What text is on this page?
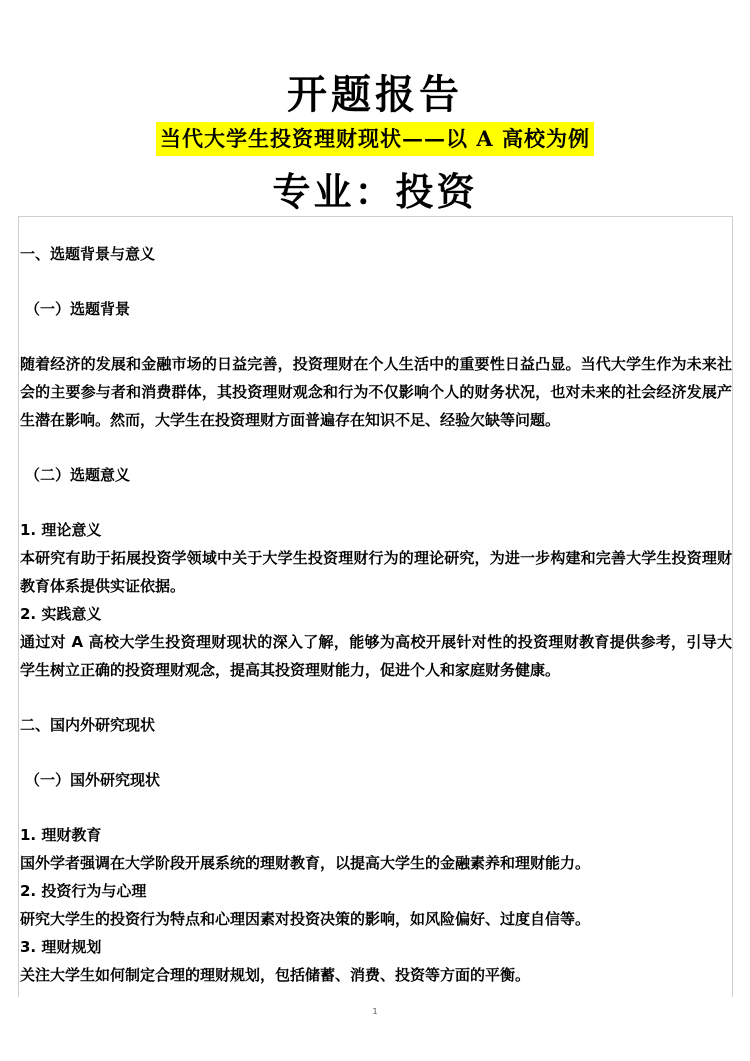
开题报告
当代大学生投资理财现状——以 A 高校为例
专业：投资

一、选题背景与意义

（一）选题背景

随着经济的发展和金融市场的日益完善，投资理财在个人生活中的重要性日益凸显。当代大学生作为未来社会的主要参与者和消费群体，其投资理财观念和行为不仅影响个人的财务状况，也对未来的社会经济发展产生潜在影响。然而，大学生在投资理财方面普遍存在知识不足、经验欠缺等问题。

（二）选题意义

1. 理论意义

本研究有助于拓展投资学领域中关于大学生投资理财行为的理论研究，为进一步构建和完善大学生投资理财教育体系提供实证依据。

2. 实践意义

通过对 A 高校大学生投资理财现状的深入了解，能够为高校开展针对性的投资理财教育提供参考，引导大学生树立正确的投资理财观念，提高其投资理财能力，促进个人和家庭财务健康。

二、国内外研究现状

（一）国外研究现状

1. 理财教育

国外学者强调在大学阶段开展系统的理财教育，以提高大学生的金融素养和理财能力。

2. 投资行为与心理

研究大学生的投资行为特点和心理因素对投资决策的影响，如风险偏好、过度自信等。

3. 理财规划

关注大学生如何制定合理的理财规划，包括储蓄、消费、投资等方面的平衡。

1
